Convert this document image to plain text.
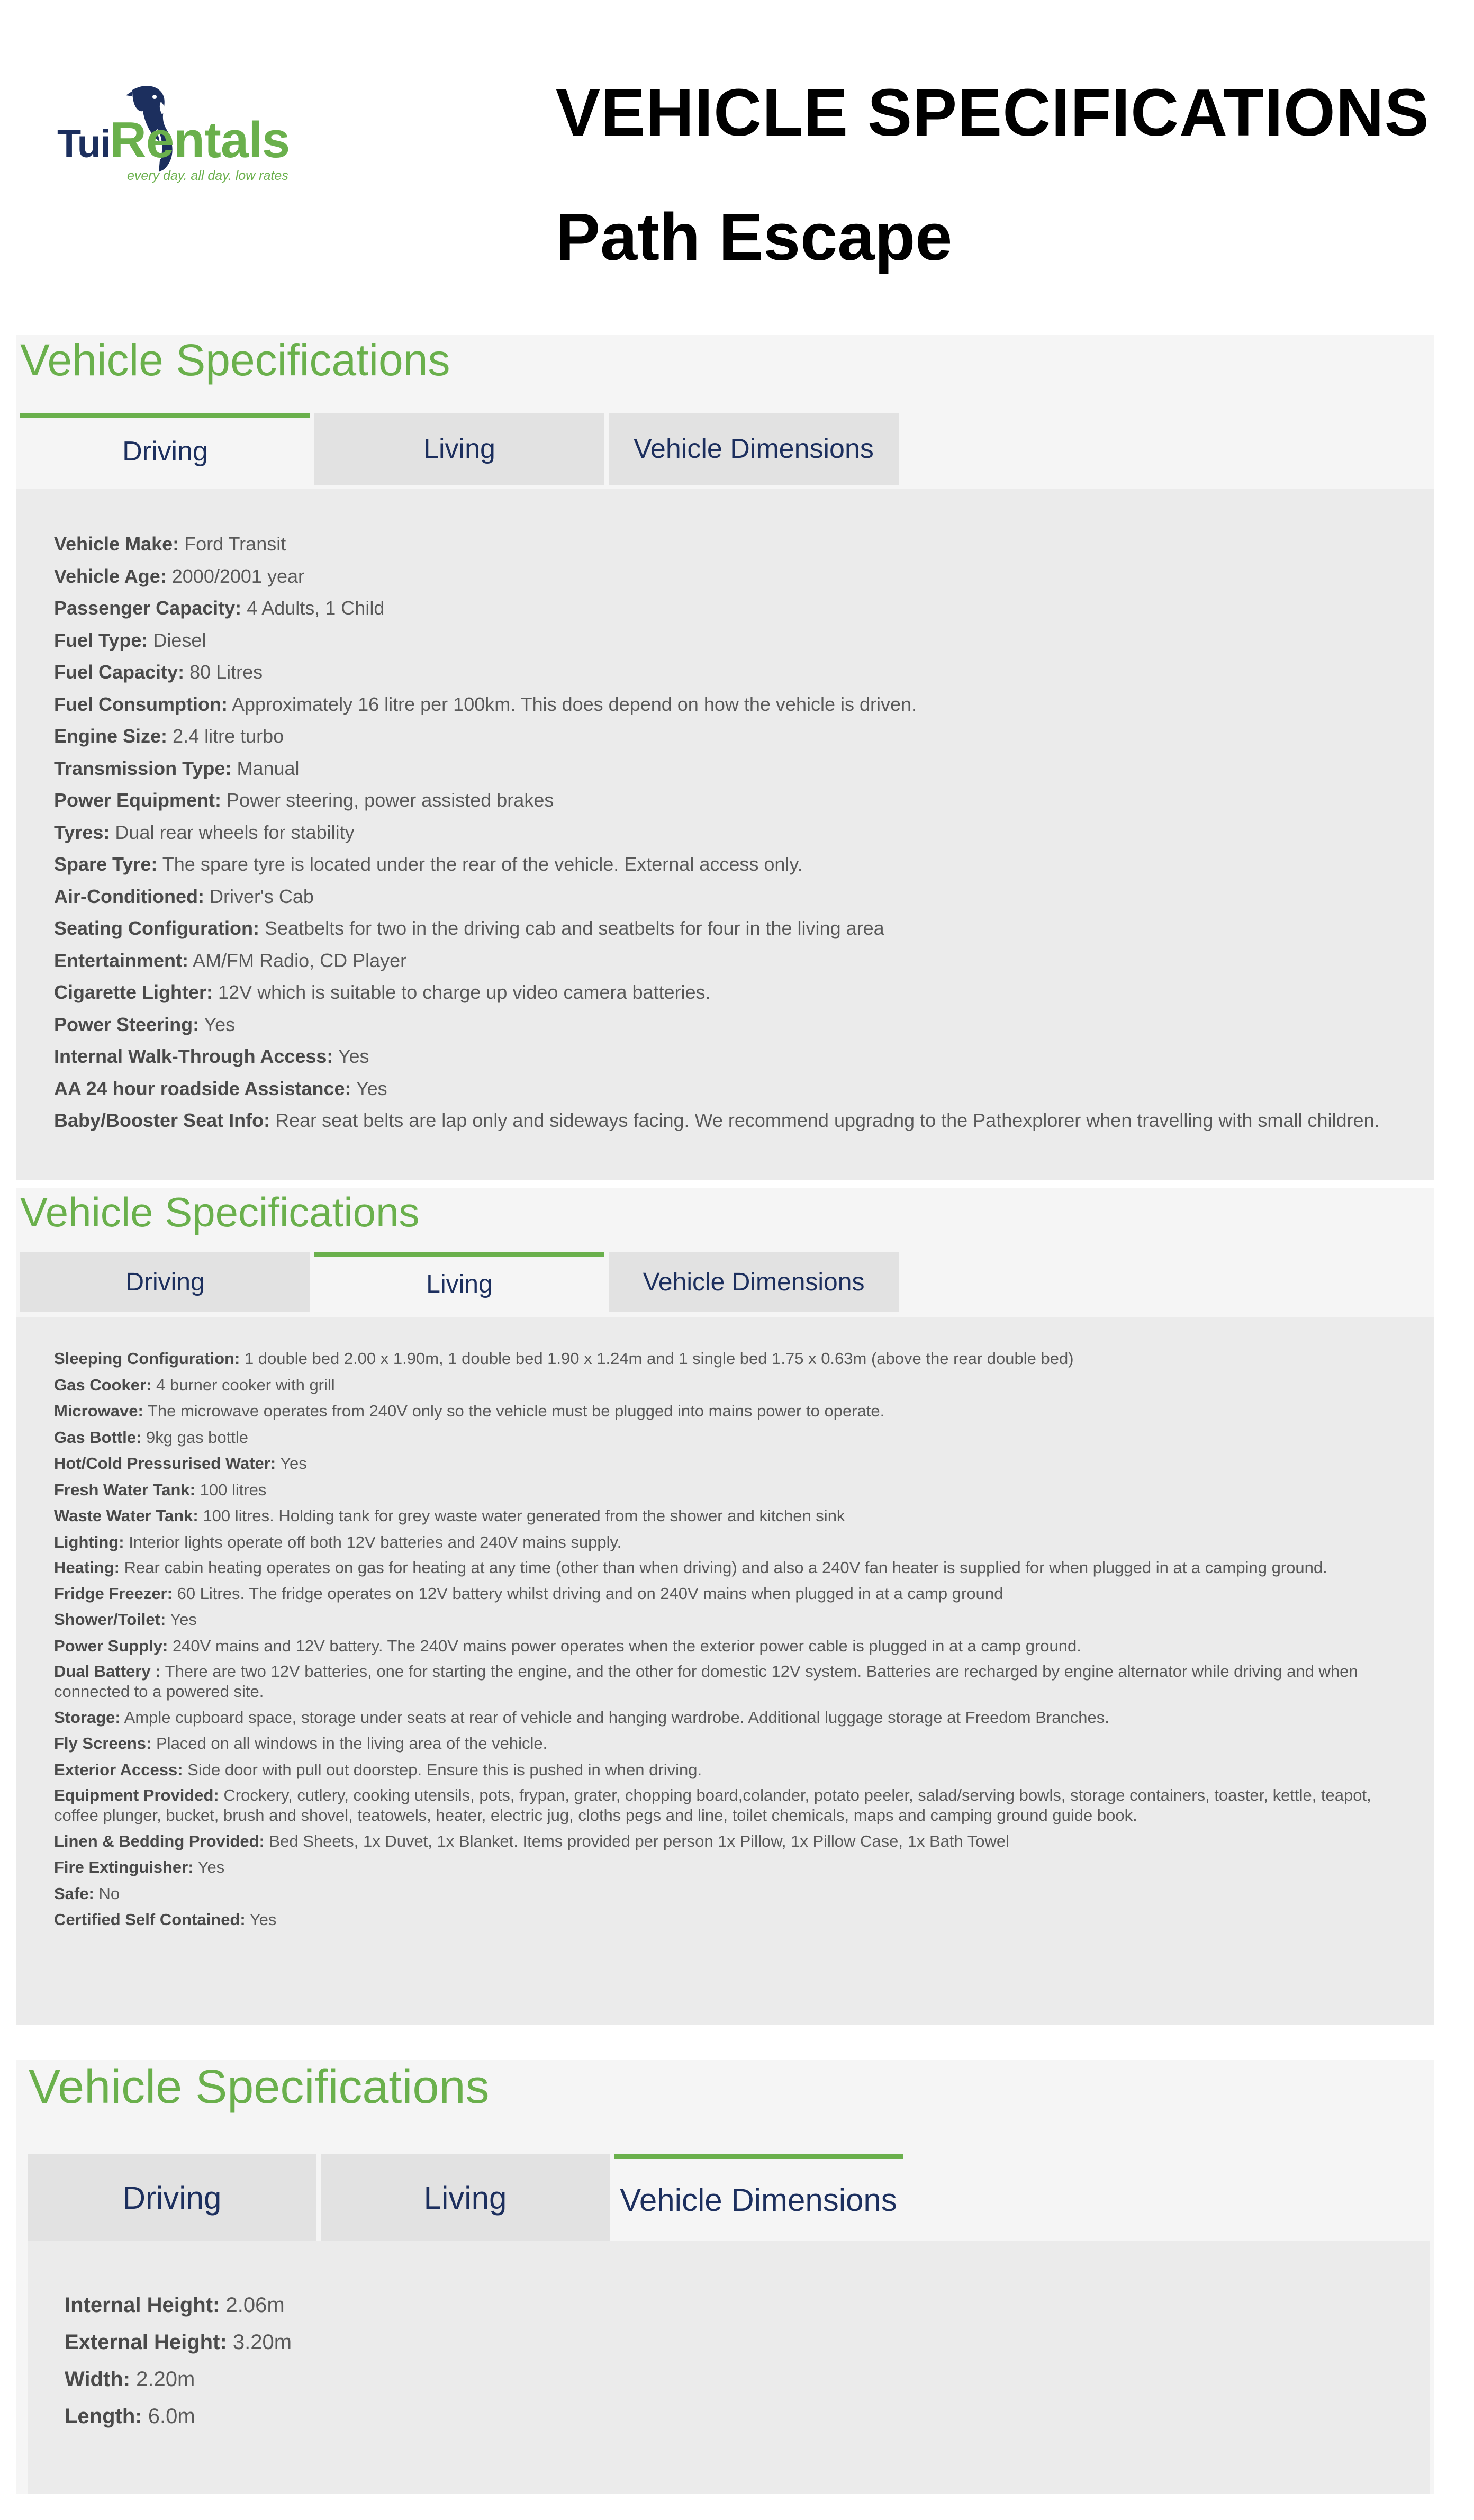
TuiRentals
every day. all day. low rates
VEHICLE SPECIFICATIONS
Path Escape
Vehicle Specifications
Driving	Living	Vehicle Dimensions
Vehicle Make: Ford Transit
Vehicle Age: 2000/2001 year
Passenger Capacity: 4 Adults, 1 Child
Fuel Type: Diesel
Fuel Capacity: 80 Litres
Fuel Consumption: Approximately 16 litre per 100km. This does depend on how the vehicle is driven.
Engine Size: 2.4 litre turbo
Transmission Type: Manual
Power Equipment: Power steering, power assisted brakes
Tyres: Dual rear wheels for stability
Spare Tyre: The spare tyre is located under the rear of the vehicle. External access only.
Air-Conditioned: Driver's Cab
Seating Configuration: Seatbelts for two in the driving cab and seatbelts for four in the living area
Entertainment: AM/FM Radio, CD Player
Cigarette Lighter: 12V which is suitable to charge up video camera batteries.
Power Steering: Yes
Internal Walk-Through Access: Yes
AA 24 hour roadside Assistance: Yes
Baby/Booster Seat Info: Rear seat belts are lap only and sideways facing. We recommend upgradng to the Pathexplorer when travelling with small children.
Vehicle Specifications
Driving	Living	Vehicle Dimensions
Sleeping Configuration: 1 double bed 2.00 x 1.90m, 1 double bed 1.90 x 1.24m and 1 single bed 1.75 x 0.63m (above the rear double bed)
Gas Cooker: 4 burner cooker with grill
Microwave: The microwave operates from 240V only so the vehicle must be plugged into mains power to operate.
Gas Bottle: 9kg gas bottle
Hot/Cold Pressurised Water: Yes
Fresh Water Tank: 100 litres
Waste Water Tank: 100 litres. Holding tank for grey waste water generated from the shower and kitchen sink
Lighting: Interior lights operate off both 12V batteries and 240V mains supply.
Heating: Rear cabin heating operates on gas for heating at any time (other than when driving) and also a 240V fan heater is supplied for when plugged in at a camping ground.
Fridge Freezer: 60 Litres. The fridge operates on 12V battery whilst driving and on 240V mains when plugged in at a camp ground
Shower/Toilet: Yes
Power Supply: 240V mains and 12V battery. The 240V mains power operates when the exterior power cable is plugged in at a camp ground.
Dual Battery : There are two 12V batteries, one for starting the engine, and the other for domestic 12V system. Batteries are recharged by engine alternator while driving and when connected to a powered site.
Storage: Ample cupboard space, storage under seats at rear of vehicle and hanging wardrobe. Additional luggage storage at Freedom Branches.
Fly Screens: Placed on all windows in the living area of the vehicle.
Exterior Access: Side door with pull out doorstep. Ensure this is pushed in when driving.
Equipment Provided: Crockery, cutlery, cooking utensils, pots, frypan, grater, chopping board,colander, potato peeler, salad/serving bowls, storage containers, toaster, kettle, teapot, coffee plunger, bucket, brush and shovel, teatowels, heater, electric jug, cloths pegs and line, toilet chemicals, maps and camping ground guide book.
Linen & Bedding Provided: Bed Sheets, 1x Duvet, 1x Blanket. Items provided per person 1x Pillow, 1x Pillow Case, 1x Bath Towel
Fire Extinguisher: Yes
Safe: No
Certified Self Contained: Yes
Vehicle Specifications
Driving	Living	Vehicle Dimensions
Internal Height: 2.06m
External Height: 3.20m
Width: 2.20m
Length: 6.0m
